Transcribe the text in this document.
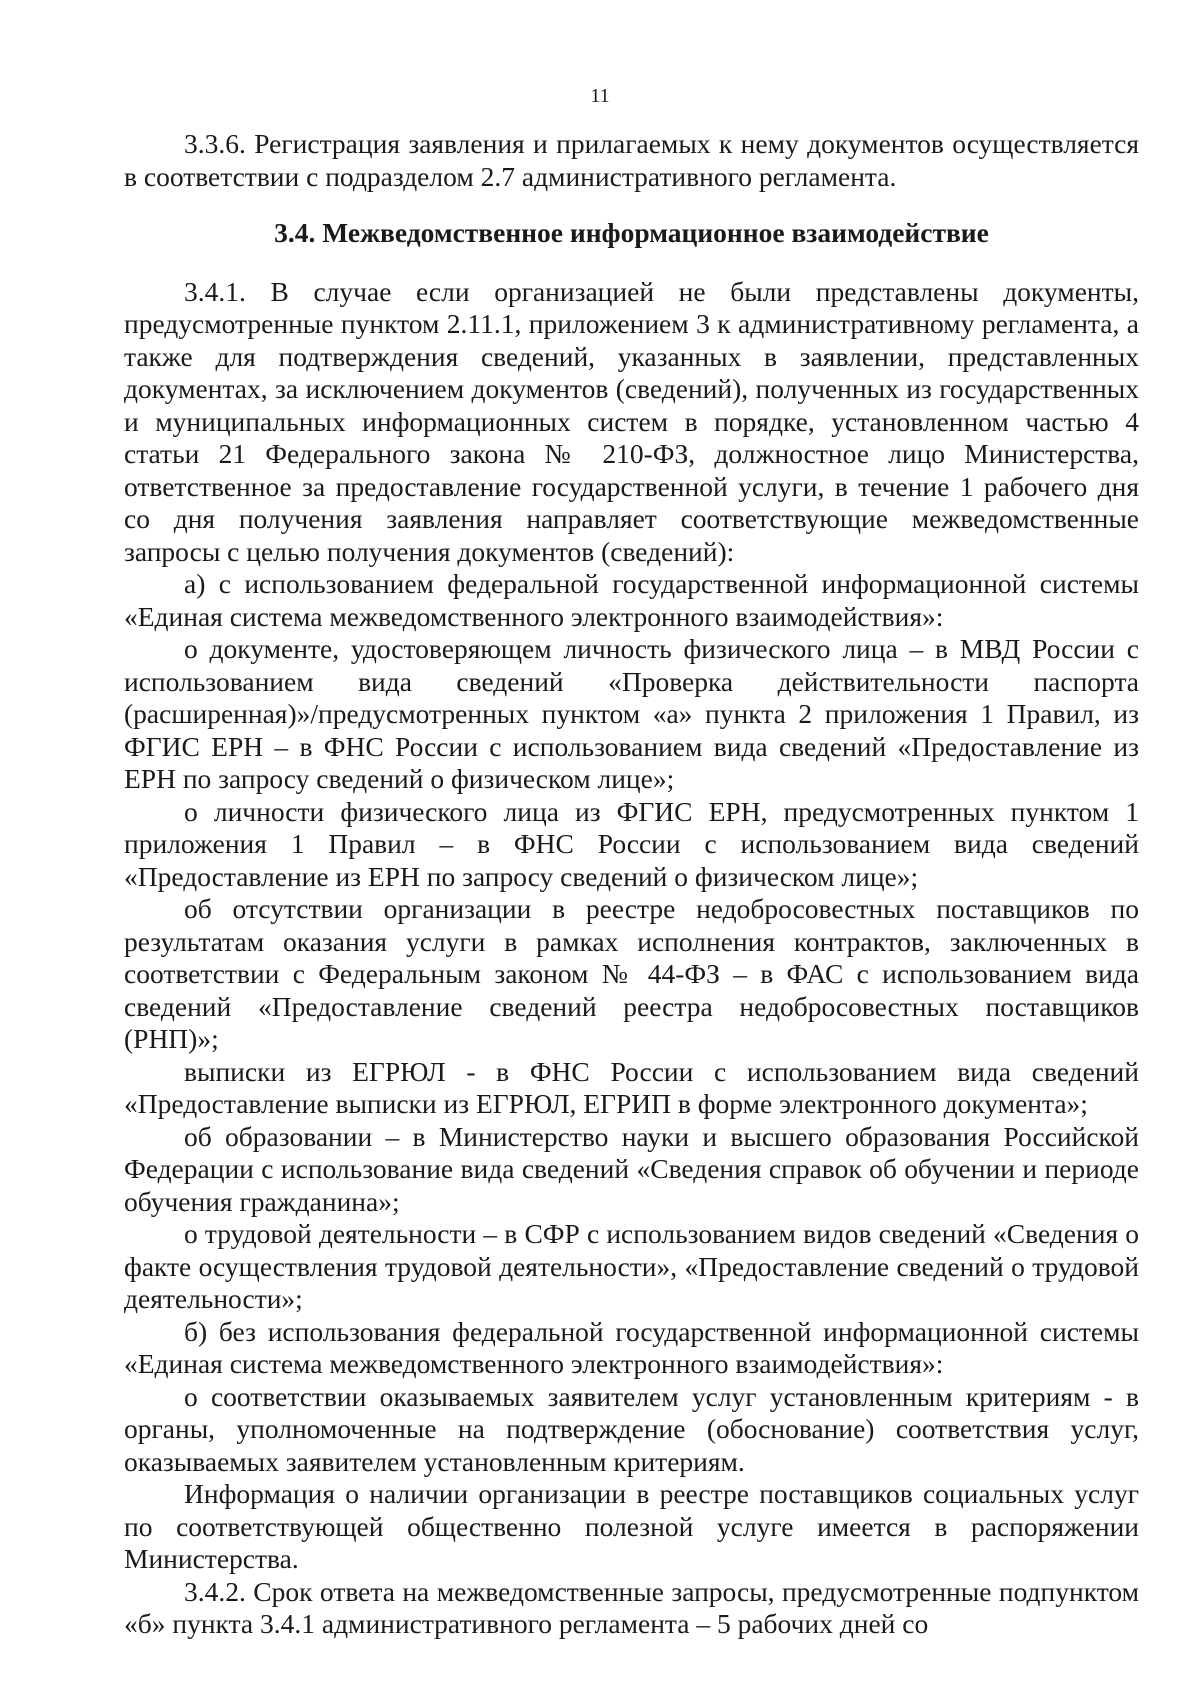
11

3.3.6. Регистрация заявления и прилагаемых к нему документов осуществляется в соответствии с подразделом 2.7 административного регламента.

3.4. Межведомственное информационное взаимодействие

3.4.1. В случае если организацией не были представлены документы, предусмотренные пунктом 2.11.1, приложением 3 к административному регламента, а также для подтверждения сведений, указанных в заявлении, представленных документах, за исключением документов (сведений), полученных из государственных и муниципальных информационных систем в порядке, установленном частью 4 статьи 21 Федерального закона № 210-ФЗ, должностное лицо Министерства, ответственное за предоставление государственной услуги, в течение 1 рабочего дня со дня получения заявления направляет соответствующие межведомственные запросы с целью получения документов (сведений):

а) с использованием федеральной государственной информационной системы «Единая система межведомственного электронного взаимодействия»:

о документе, удостоверяющем личность физического лица – в МВД России с использованием вида сведений «Проверка действительности паспорта (расширенная)»/предусмотренных пунктом «а» пункта 2 приложения 1 Правил, из ФГИС ЕРН – в ФНС России с использованием вида сведений «Предоставление из ЕРН по запросу сведений о физическом лице»;

о личности физического лица из ФГИС ЕРН, предусмотренных пунктом 1 приложения 1 Правил – в ФНС России с использованием вида сведений «Предоставление из ЕРН по запросу сведений о физическом лице»;

об отсутствии организации в реестре недобросовестных поставщиков по результатам оказания услуги в рамках исполнения контрактов, заключенных в соответствии с Федеральным законом № 44-ФЗ – в ФАС с использованием вида сведений «Предоставление сведений реестра недобросовестных поставщиков (РНП)»;

выписки из ЕГРЮЛ - в ФНС России с использованием вида сведений «Предоставление выписки из ЕГРЮЛ, ЕГРИП в форме электронного документа»;

об образовании – в Министерство науки и высшего образования Российской Федерации с использование вида сведений «Сведения справок об обучении и периоде обучения гражданина»;

о трудовой деятельности – в СФР с использованием видов сведений «Сведения о факте осуществления трудовой деятельности», «Предоставление сведений о трудовой деятельности»;

б) без использования федеральной государственной информационной системы «Единая система межведомственного электронного взаимодействия»:

о соответствии оказываемых заявителем услуг установленным критериям - в органы, уполномоченные на подтверждение (обоснование) соответствия услуг, оказываемых заявителем установленным критериям.

Информация о наличии организации в реестре поставщиков социальных услуг по соответствующей общественно полезной услуге имеется в распоряжении Министерства.

3.4.2. Срок ответа на межведомственные запросы, предусмотренные подпунктом «б» пункта 3.4.1 административного регламента – 5 рабочих дней со
